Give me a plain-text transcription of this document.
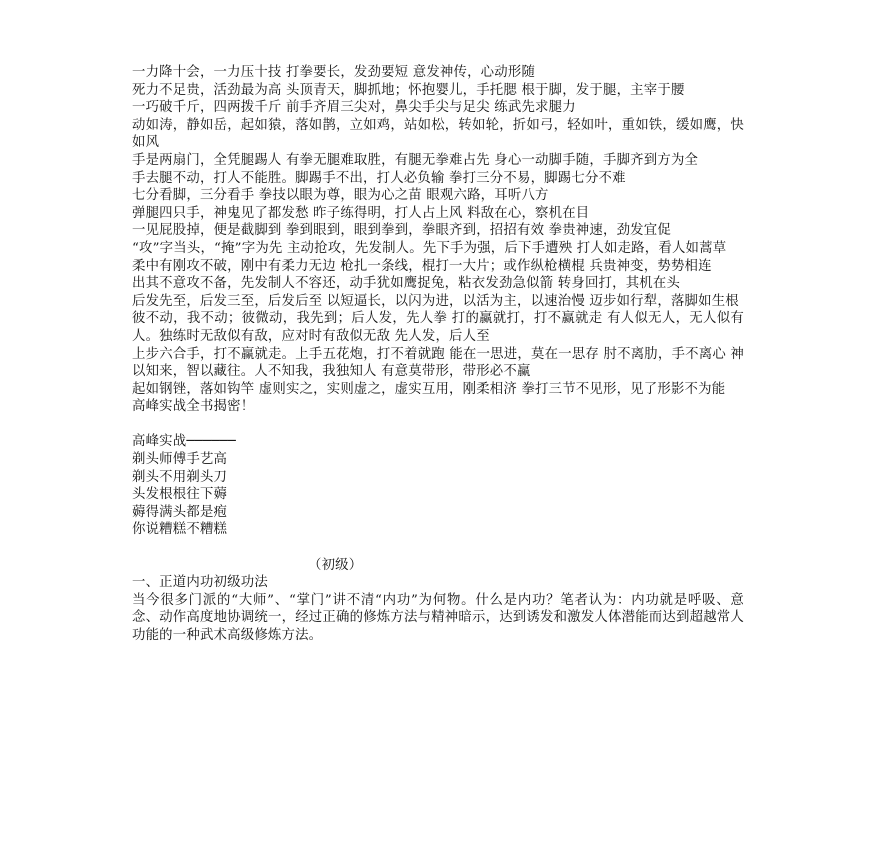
一力降十会，一力压十技 打拳要长，发劲要短 意发神传，心动形随

死力不足贵，活劲最为高 头顶青天，脚抓地；怀抱婴儿，手托腮 根于脚，发于腿，主宰于腰

一巧破千斤，四两拨千斤 前手齐眉三尖对，鼻尖手尖与足尖 练武先求腿力

动如涛，静如岳，起如猿，落如鹊，立如鸡，站如松，转如轮，折如弓，轻如叶，重如铁，缓如鹰，快如风

手是两扇门，全凭腿踢人 有拳无腿难取胜，有腿无拳难占先 身心一动脚手随，手脚齐到方为全

手去腿不动，打人不能胜。脚踢手不出，打人必负输 拳打三分不易，脚踢七分不难

七分看脚，三分看手 拳技以眼为尊，眼为心之苗 眼观六路，耳听八方

弹腿四只手，神鬼见了都发愁 昨子练得明，打人占上风 料敌在心，察机在目

一见屁股掉，便是截脚到 拳到眼到，眼到拳到，拳眼齐到，招招有效 拳贵神速，劲发宜促

“攻”字当头，“掩”字为先 主动抢攻，先发制人。先下手为强，后下手遭殃 打人如走路，看人如蒿草

柔中有刚攻不破，刚中有柔力无边 枪扎一条线，棍打一大片；或作纵枪横棍 兵贵神变，势势相连

出其不意攻不备，先发制人不容还，动手犹如鹰捉兔，粘衣发劲急似箭 转身回打，其机在头

后发先至，后发三至，后发后至 以短逼长，以闪为进，以活为主，以速治慢 迈步如行犁，落脚如生根

彼不动，我不动；彼微动，我先到；后人发，先人拳 打的赢就打，打不赢就走 有人似无人，无人似有人。独练时无敌似有敌，应对时有敌似无敌 先人发，后人至

上步六合手，打不赢就走。上手五花炮，打不着就跑 能在一思进，莫在一思存 肘不离肋，手不离心 神以知来，智以藏往。人不知我，我独知人 有意莫带形，带形必不赢

起如钢锉，落如钩竿 虚则实之，实则虚之，虚实互用，刚柔相济 拳打三节不见形，见了形影不为能

高峰实战全书揭密！

高峰实战──────

剃头师傅手艺高

剃头不用剃头刀

头发根根往下薅

薅得满头都是疱

你说糟糕不糟糕

（初级）

一、正道内功初级功法

当今很多门派的“大师”、“掌门”讲不清“内功”为何物。什么是内功？笔者认为：内功就是呼吸、意念、动作高度地协调统一，经过正确的修炼方法与精神暗示，达到诱发和激发人体潜能而达到超越常人功能的一种武术高级修炼方法。
